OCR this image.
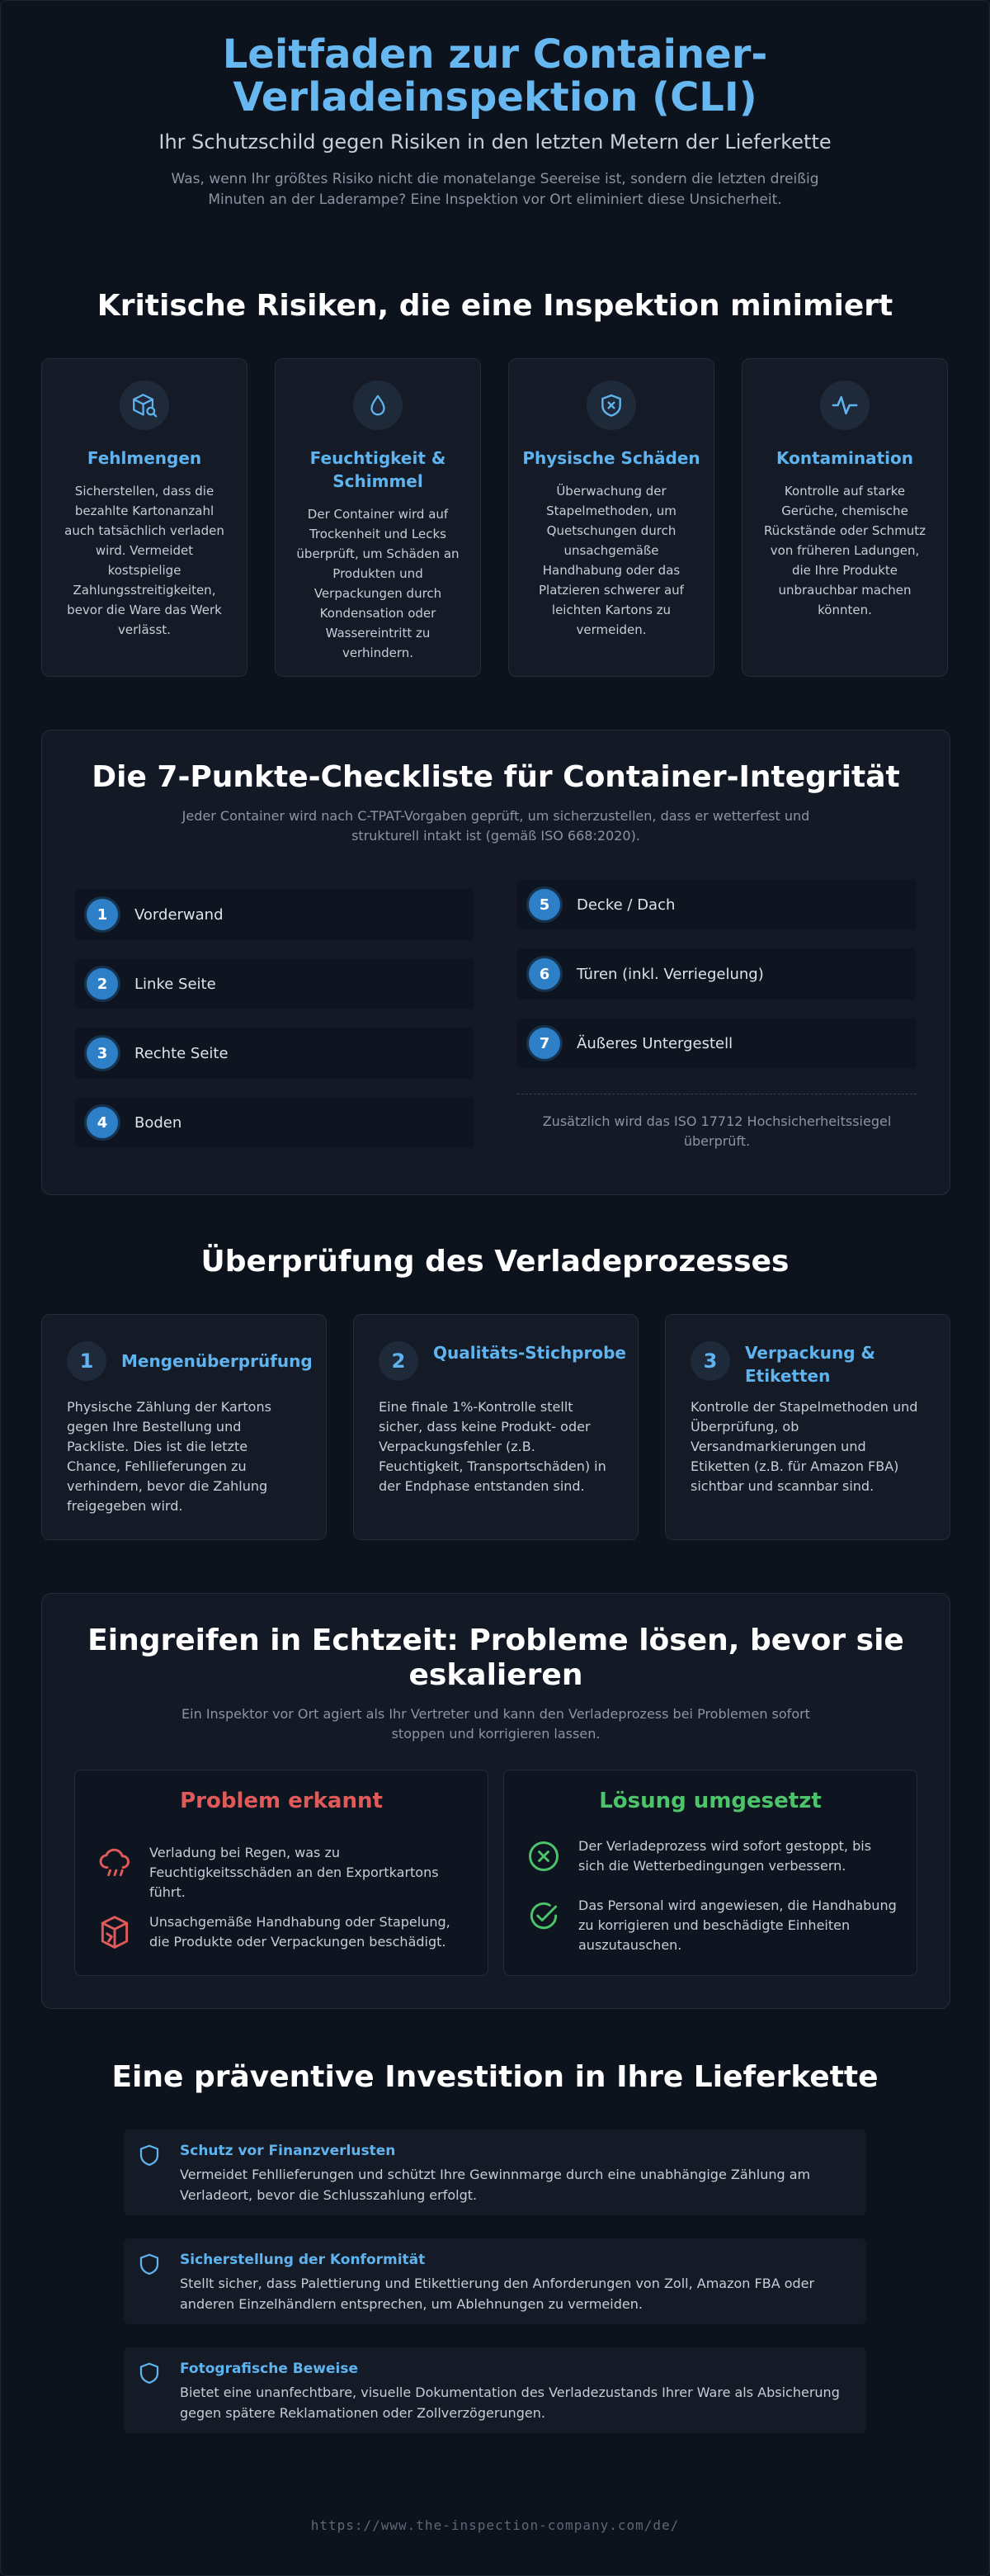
Leitfaden zur Container-Verladeinspektion (CLI)
Ihr Schutzschild gegen Risiken in den letzten Metern der Lieferkette
Was, wenn Ihr größtes Risiko nicht die monatelange Seereise ist, sondern die letzten dreißig Minuten an der Laderampe? Eine Inspektion vor Ort eliminiert diese Unsicherheit.
Kritische Risiken, die eine Inspektion minimiert
Fehlmengen
Sicherstellen, dass die bezahlte Kartonanzahl auch tatsächlich verladen wird. Vermeidet kostspielige Zahlungsstreitigkeiten, bevor die Ware das Werk verlässt.
Feuchtigkeit & Schimmel
Der Container wird auf Trockenheit und Lecks überprüft, um Schäden an Produkten und Verpackungen durch Kondensation oder Wassereintritt zu verhindern.
Physische Schäden
Überwachung der Stapelmethoden, um Quetschungen durch unsachgemäße Handhabung oder das Platzieren schwerer auf leichten Kartons zu vermeiden.
Kontamination
Kontrolle auf starke Gerüche, chemische Rückstände oder Schmutz von früheren Ladungen, die Ihre Produkte unbrauchbar machen könnten.
Die 7-Punkte-Checkliste für Container-Integrität
Jeder Container wird nach C-TPAT-Vorgaben geprüft, um sicherzustellen, dass er wetterfest und strukturell intakt ist (gemäß ISO 668:2020).
1	Vorderwand
2	Linke Seite
3	Rechte Seite
4	Boden
5	Decke / Dach
6	Türen (inkl. Verriegelung)
7	Äußeres Untergestell
Zusätzlich wird das ISO 17712 Hochsicherheitssiegel überprüft.
Überprüfung des Verladeprozesses
1	Mengenüberprüfung
Physische Zählung der Kartons gegen Ihre Bestellung und Packliste. Dies ist die letzte Chance, Fehllieferungen zu verhindern, bevor die Zahlung freigegeben wird.
2	Qualitäts-Stichprobe
Eine finale 1%-Kontrolle stellt sicher, dass keine Produkt- oder Verpackungsfehler (z.B. Feuchtigkeit, Transportschäden) in der Endphase entstanden sind.
3	Verpackung & Etiketten
Kontrolle der Stapelmethoden und Überprüfung, ob Versandmarkierungen und Etiketten (z.B. für Amazon FBA) sichtbar und scannbar sind.
Eingreifen in Echtzeit: Probleme lösen, bevor sie eskalieren
Ein Inspektor vor Ort agiert als Ihr Vertreter und kann den Verladeprozess bei Problemen sofort stoppen und korrigieren lassen.
Problem erkannt
Verladung bei Regen, was zu Feuchtigkeitsschäden an den Exportkartons führt.
Unsachgemäße Handhabung oder Stapelung, die Produkte oder Verpackungen beschädigt.
Lösung umgesetzt
Der Verladeprozess wird sofort gestoppt, bis sich die Wetterbedingungen verbessern.
Das Personal wird angewiesen, die Handhabung zu korrigieren und beschädigte Einheiten auszutauschen.
Eine präventive Investition in Ihre Lieferkette
Schutz vor Finanzverlusten
Vermeidet Fehllieferungen und schützt Ihre Gewinnmarge durch eine unabhängige Zählung am Verladeort, bevor die Schlusszahlung erfolgt.
Sicherstellung der Konformität
Stellt sicher, dass Palettierung und Etikettierung den Anforderungen von Zoll, Amazon FBA oder anderen Einzelhändlern entsprechen, um Ablehnungen zu vermeiden.
Fotografische Beweise
Bietet eine unanfechtbare, visuelle Dokumentation des Verladezustands Ihrer Ware als Absicherung gegen spätere Reklamationen oder Zollverzögerungen.
https://www.the-inspection-company.com/de/
